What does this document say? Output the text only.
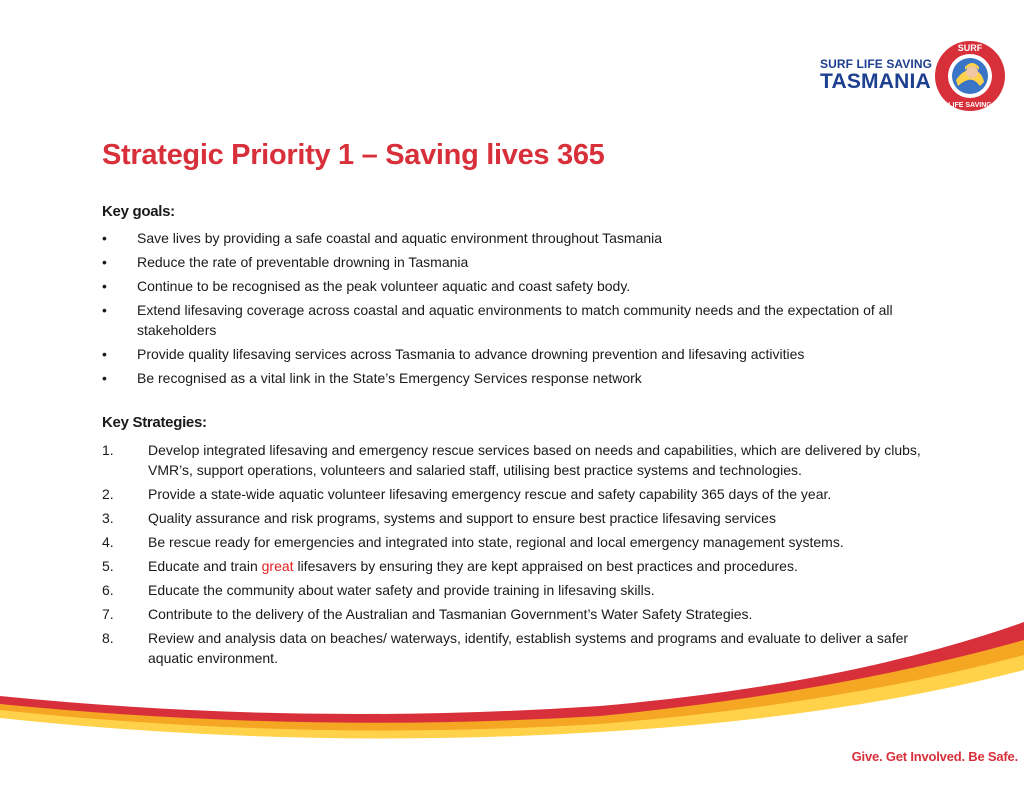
SURF LIFE SAVING
TASMANIA
SURF
LIFE SAVING
Strategic Priority 1 – Saving lives 365
Key goals:
• Save lives by providing a safe coastal and aquatic environment throughout Tasmania
• Reduce the rate of preventable drowning in Tasmania
• Continue to be recognised as the peak volunteer aquatic and coast safety body.
• Extend lifesaving coverage across coastal and aquatic environments to match community needs and the expectation of all stakeholders
• Provide quality lifesaving services across Tasmania to advance drowning prevention and lifesaving activities
• Be recognised as a vital link in the State’s Emergency Services response network
Key Strategies:
1. Develop integrated lifesaving and emergency rescue services based on needs and capabilities, which are delivered by clubs, VMR’s, support operations, volunteers and salaried staff, utilising best practice systems and technologies.
2. Provide a state-wide aquatic volunteer lifesaving emergency rescue and safety capability 365 days of the year.
3. Quality assurance and risk programs, systems and support to ensure best practice lifesaving services
4. Be rescue ready for emergencies and integrated into state, regional and local emergency management systems.
5. Educate and train great lifesavers by ensuring they are kept appraised on best practices and procedures.
6. Educate the community about water safety and provide training in lifesaving skills.
7. Contribute to the delivery of the Australian and Tasmanian Government’s Water Safety Strategies.
8. Review and analysis data on beaches/ waterways, identify, establish systems and programs and evaluate to deliver a safer aquatic environment.
Give. Get Involved. Be Safe.
